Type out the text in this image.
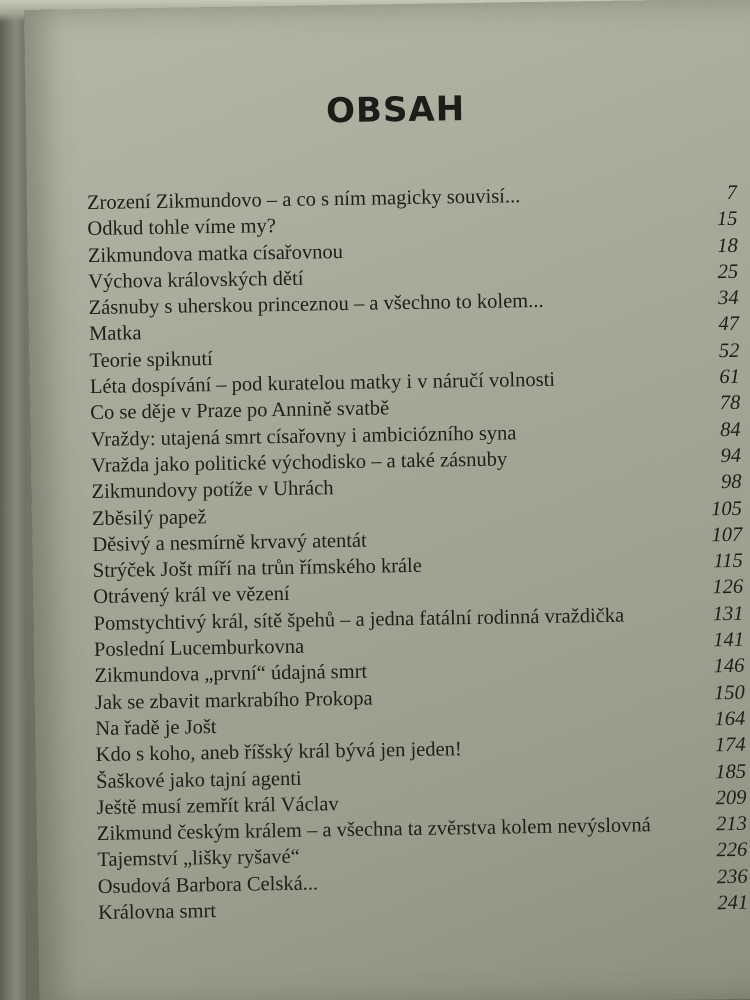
OBSAH
Zrození Zikmundovo – a co s ním magicky souvisí...	7
Odkud tohle víme my?	15
Zikmundova matka císařovnou	18
Výchova královských dětí	25
Zásnuby s uherskou princeznou – a všechno to kolem...	34
Matka	47
Teorie spiknutí	52
Léta dospívání – pod kuratelou matky i v náručí volnosti	61
Co se děje v Praze po Annině svatbě	78
Vraždy: utajená smrt císařovny i ambiciózního syna	84
Vražda jako politické východisko – a také zásnuby	94
Zikmundovy potíže v Uhrách	98
Zběsilý papež	105
Děsivý a nesmírně krvavý atentát	107
Strýček Jošt míří na trůn římského krále	115
Otrávený král ve vězení	126
Pomstychtivý král, sítě špehů – a jedna fatální rodinná vraždička	131
Poslední Lucemburkovna	141
Zikmundova „první“ údajná smrt	146
Jak se zbavit markrabího Prokopa	150
Na řadě je Jošt	164
Kdo s koho, aneb říšský král bývá jen jeden!	174
Šaškové jako tajní agenti	185
Ještě musí zemřít král Václav	209
Zikmund českým králem – a všechna ta zvěrstva kolem nevýslovná	213
Tajemství „lišky ryšavé“	226
Osudová Barbora Celská...	236
Královna smrt	241
